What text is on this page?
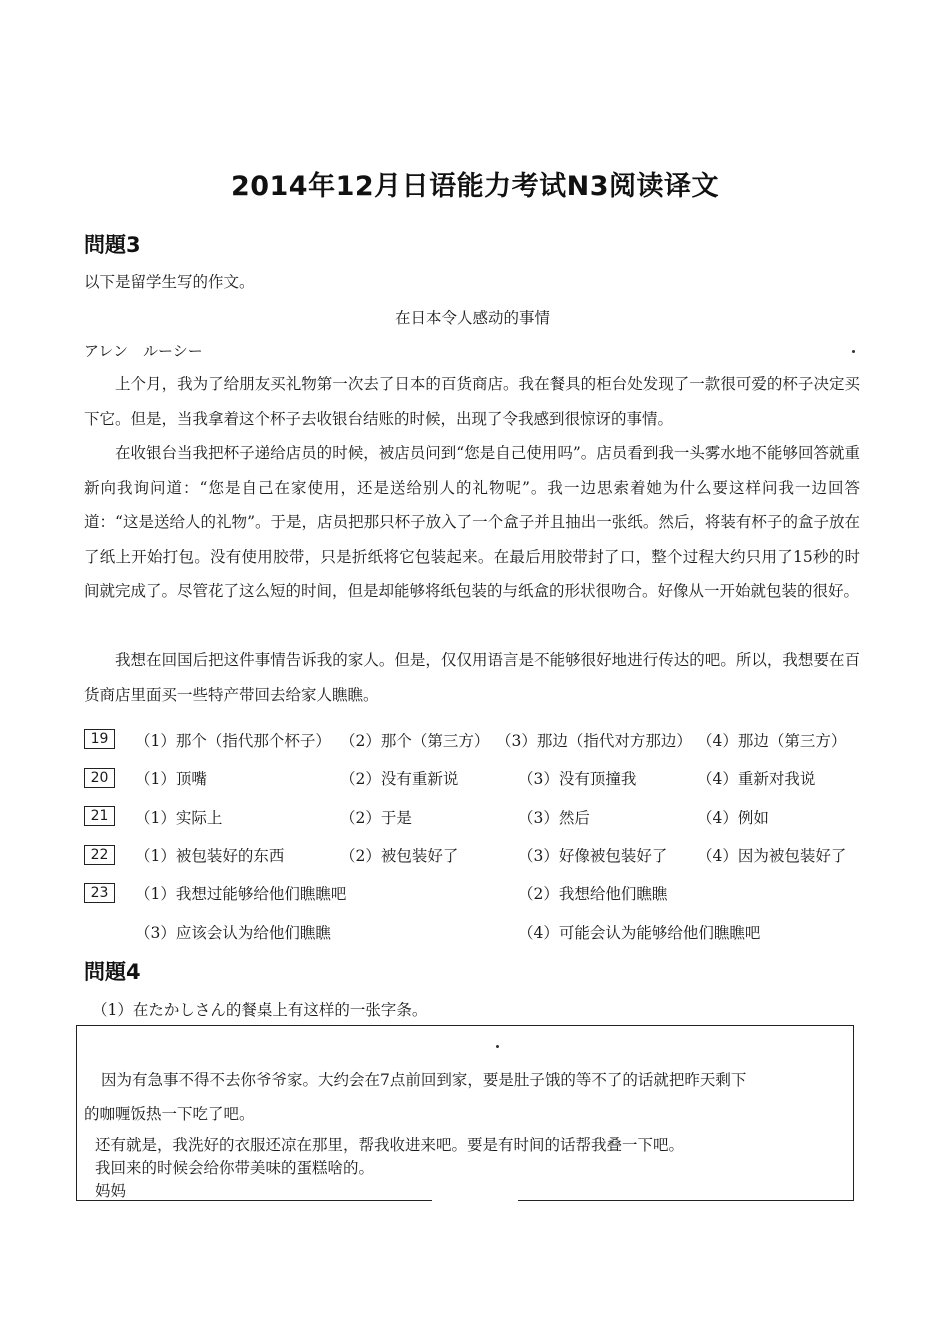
2014年12月日语能力考试N3阅读译文
問題3
以下是留学生写的作文。
在日本令人感动的事情
アレン　ルーシー
上个月，我为了给朋友买礼物第一次去了日本的百货商店。我在餐具的柜台处发现了一款很可爱的杯子决定买下它。但是，当我拿着这个杯子去收银台结账的时候，出现了令我感到很惊讶的事情。
在收银台当我把杯子递给店员的时候，被店员问到“您是自己使用吗”。店员看到我一头雾水地不能够回答就重新向我询问道：“您是自己在家使用，还是送给别人的礼物呢”。我一边思索着她为什么要这样问我一边回答道：“这是送给人的礼物”。于是，店员把那只杯子放入了一个盒子并且抽出一张纸。然后，将装有杯子的盒子放在了纸上开始打包。没有使用胶带，只是折纸将它包装起来。在最后用胶带封了口，整个过程大约只用了15秒的时间就完成了。尽管花了这么短的时间，但是却能够将纸包装的与纸盒的形状很吻合。好像从一开始就包装的很好。
我想在回国后把这件事情告诉我的家人。但是，仅仅用语言是不能够很好地进行传达的吧。所以，我想要在百货商店里面买一些特产带回去给家人瞧瞧。
19	（1）那个（指代那个杯子） （2）那个（第三方） （3）那边（指代对方那边） （4）那边（第三方）
20	（1）顶嘴	（2）没有重新说	（3）没有顶撞我	（4）重新对我说
21	（1）实际上	（2）于是	（3）然后	（4）例如
22	（1）被包装好的东西	（2）被包装好了	（3）好像被包装好了 （4）因为被包装好了
23	（1）我想过能够给他们瞧瞧吧	（2）我想给他们瞧瞧
（3）应该会认为给他们瞧瞧	（4）可能会认为能够给他们瞧瞧吧
問題4
（1）在たかしさん的餐桌上有这样的一张字条。
因为有急事不得不去你爷爷家。大约会在7点前回到家，要是肚子饿的等不了的话就把昨天剩下
的咖喱饭热一下吃了吧。
还有就是，我洗好的衣服还凉在那里，帮我收进来吧。要是有时间的话帮我叠一下吧。
我回来的时候会给你带美味的蛋糕啥的。
妈妈
